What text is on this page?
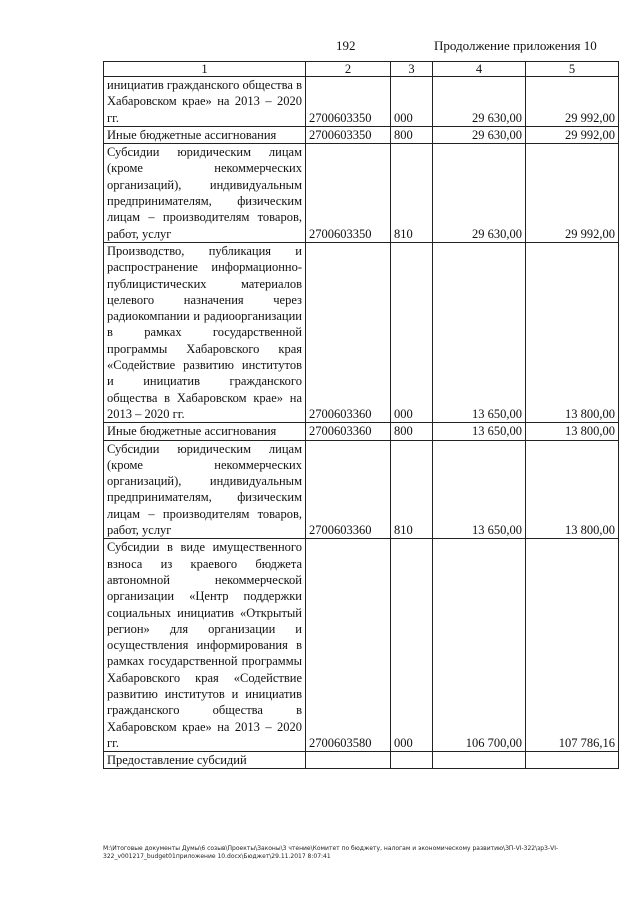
192	Продолжение приложения 10
1	2	3	4	5

инициатив гражданского общества в Хабаровском крае» на 2013 – 2020 гг.	2700603350	000	29 630,00	29 992,00

Иные бюджетные ассигнования	2700603350	800	29 630,00	29 992,00

Субсидии юридическим лицам (кроме некоммерческих организаций), индивидуальным предпринимателям, физическим лицам – производителям товаров, работ, услуг	2700603350	810	29 630,00	29 992,00

Производство, публикация и распространение информационно-публицистических материалов целевого назначения через радиокомпании и радиоорганизации в рамках государственной программы Хабаровского края «Содействие развитию институтов и инициатив гражданского общества в Хабаровском крае» на 2013 – 2020 гг.	2700603360	000	13 650,00	13 800,00

Иные бюджетные ассигнования	2700603360	800	13 650,00	13 800,00

Субсидии юридическим лицам (кроме некоммерческих организаций), индивидуальным предпринимателям, физическим лицам – производителям товаров, работ, услуг	2700603360	810	13 650,00	13 800,00

Субсидии в виде имущественного взноса из краевого бюджета автономной некоммерческой организации «Центр поддержки социальных инициатив «Открытый регион» для организации и осуществления информирования в рамках государственной программы Хабаровского края «Содействие развитию институтов и инициатив гражданского общества в Хабаровском крае» на 2013 – 2020 гг.	2700603580	000	106 700,00	107 786,16

Предоставление субсидий				

M:\Итоговые документы Думы\6 созыв\Проекты\Законы\3 чтение\Комитет по бюджету, налогам и экономическому развитию\ЗП-VI-322\зр3-VI-322_v001217_budget01приложение 10.docx\Бюджет\29.11.2017 8:07:41
